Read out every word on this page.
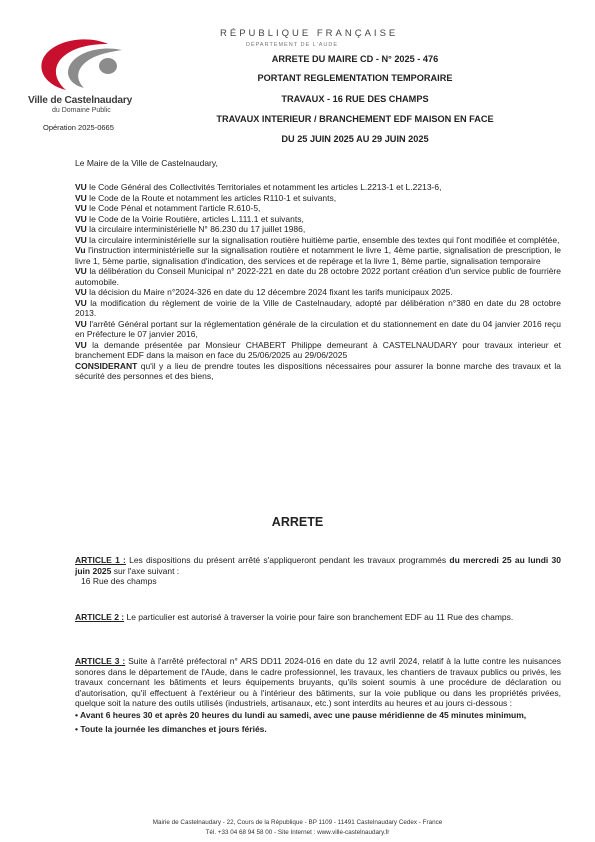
Ville de Castelnaudary
du Domaine Public
Opération 2025-0665
RÉPUBLIQUE FRANÇAISE
DÉPARTEMENT DE L'AUDE
ARRETE DU MAIRE CD - N° 2025 - 476
PORTANT REGLEMENTATION TEMPORAIRE
TRAVAUX - 16 RUE DES CHAMPS
TRAVAUX INTERIEUR / BRANCHEMENT EDF MAISON EN FACE
DU 25 JUIN 2025 AU 29 JUIN 2025
Le Maire de la Ville de Castelnaudary,

VU le Code Général des Collectivités Territoriales et notamment les articles L.2213-1 et L.2213-6,

VU le Code de la Route et notamment les articles R110-1 et suivants,

VU le Code Pénal et notamment l'article R.610-5,

VU le Code de la Voirie Routière, articles L.111.1 et suivants,

VU la circulaire interministérielle N° 86.230 du 17 juillet 1986,

VU la circulaire interministérielle sur la signalisation routière huitième partie, ensemble des textes qui l'ont modifiée et complétée,

Vu l'instruction interministérielle sur la signalisation routière et notamment le livre 1, 4ème partie, signalisation de prescription, le livre 1, 5ème partie, signalisation d'indication, des services et de repérage et la livre 1, 8ème partie, signalisation temporaire

VU la délibération du Conseil Municipal n° 2022-221 en date du 28 octobre 2022 portant création d'un service public de fourrière automobile.

VU la décision du Maire n°2024-326 en date du 12 décembre 2024 fixant les tarifs municipaux 2025.

VU la modification du règlement de voirie de la Ville de Castelnaudary, adopté par délibération n°380 en date du 28 octobre 2013.

VU l'arrêté Général portant sur la réglementation générale de la circulation et du stationnement en date du 04 janvier 2016 reçu en Préfecture le 07 janvier 2016,

VU la demande présentée par Monsieur CHABERT Philippe demeurant à CASTELNAUDARY pour travaux interieur et branchement EDF dans la maison en face du 25/06/2025 au 29/06/2025

CONSIDERANT qu'il y a lieu de prendre toutes les dispositions nécessaires pour assurer la bonne marche des travaux et la sécurité des personnes et des biens,

ARRETE
ARTICLE 1 : Les dispositions du présent arrêté s'appliqueront pendant les travaux programmés du mercredi 25 au lundi 30 juin 2025 sur l'axe suivant :
16 Rue des champs
ARTICLE 2 : Le particulier est autorisé à traverser la voirie pour faire son branchement EDF au 11 Rue des champs.
ARTICLE 3 : Suite à l'arrêté préfectoral n° ARS DD11 2024-016 en date du 12 avril 2024, relatif à la lutte contre les nuisances sonores dans le département de l'Aude, dans le cadre professionnel, les travaux, les chantiers de travaux publics ou privés, les travaux concernant les bâtiments et leurs équipements bruyants, qu'ils soient soumis à une procédure de déclaration ou d'autorisation, qu'il effectuent à l'extérieur ou à l'intérieur des bâtiments, sur la voie publique ou dans les propriétés privées, quelque soit la nature des outils utilisés (industriels, artisanaux, etc.) sont interdits au heures et au jours ci-dessous :
• Avant 6 heures 30 et après 20 heures du lundi au samedi, avec une pause méridienne de 45 minutes minimum,
• Toute la journée les dimanches et jours fériés.
Mairie de Castelnaudary - 22, Cours de la République - BP 1109 - 11491 Castelnaudary Cedex - France
Tél. +33 04 68 94 58 00 - Site Internet : www.ville-castelnaudary.fr
